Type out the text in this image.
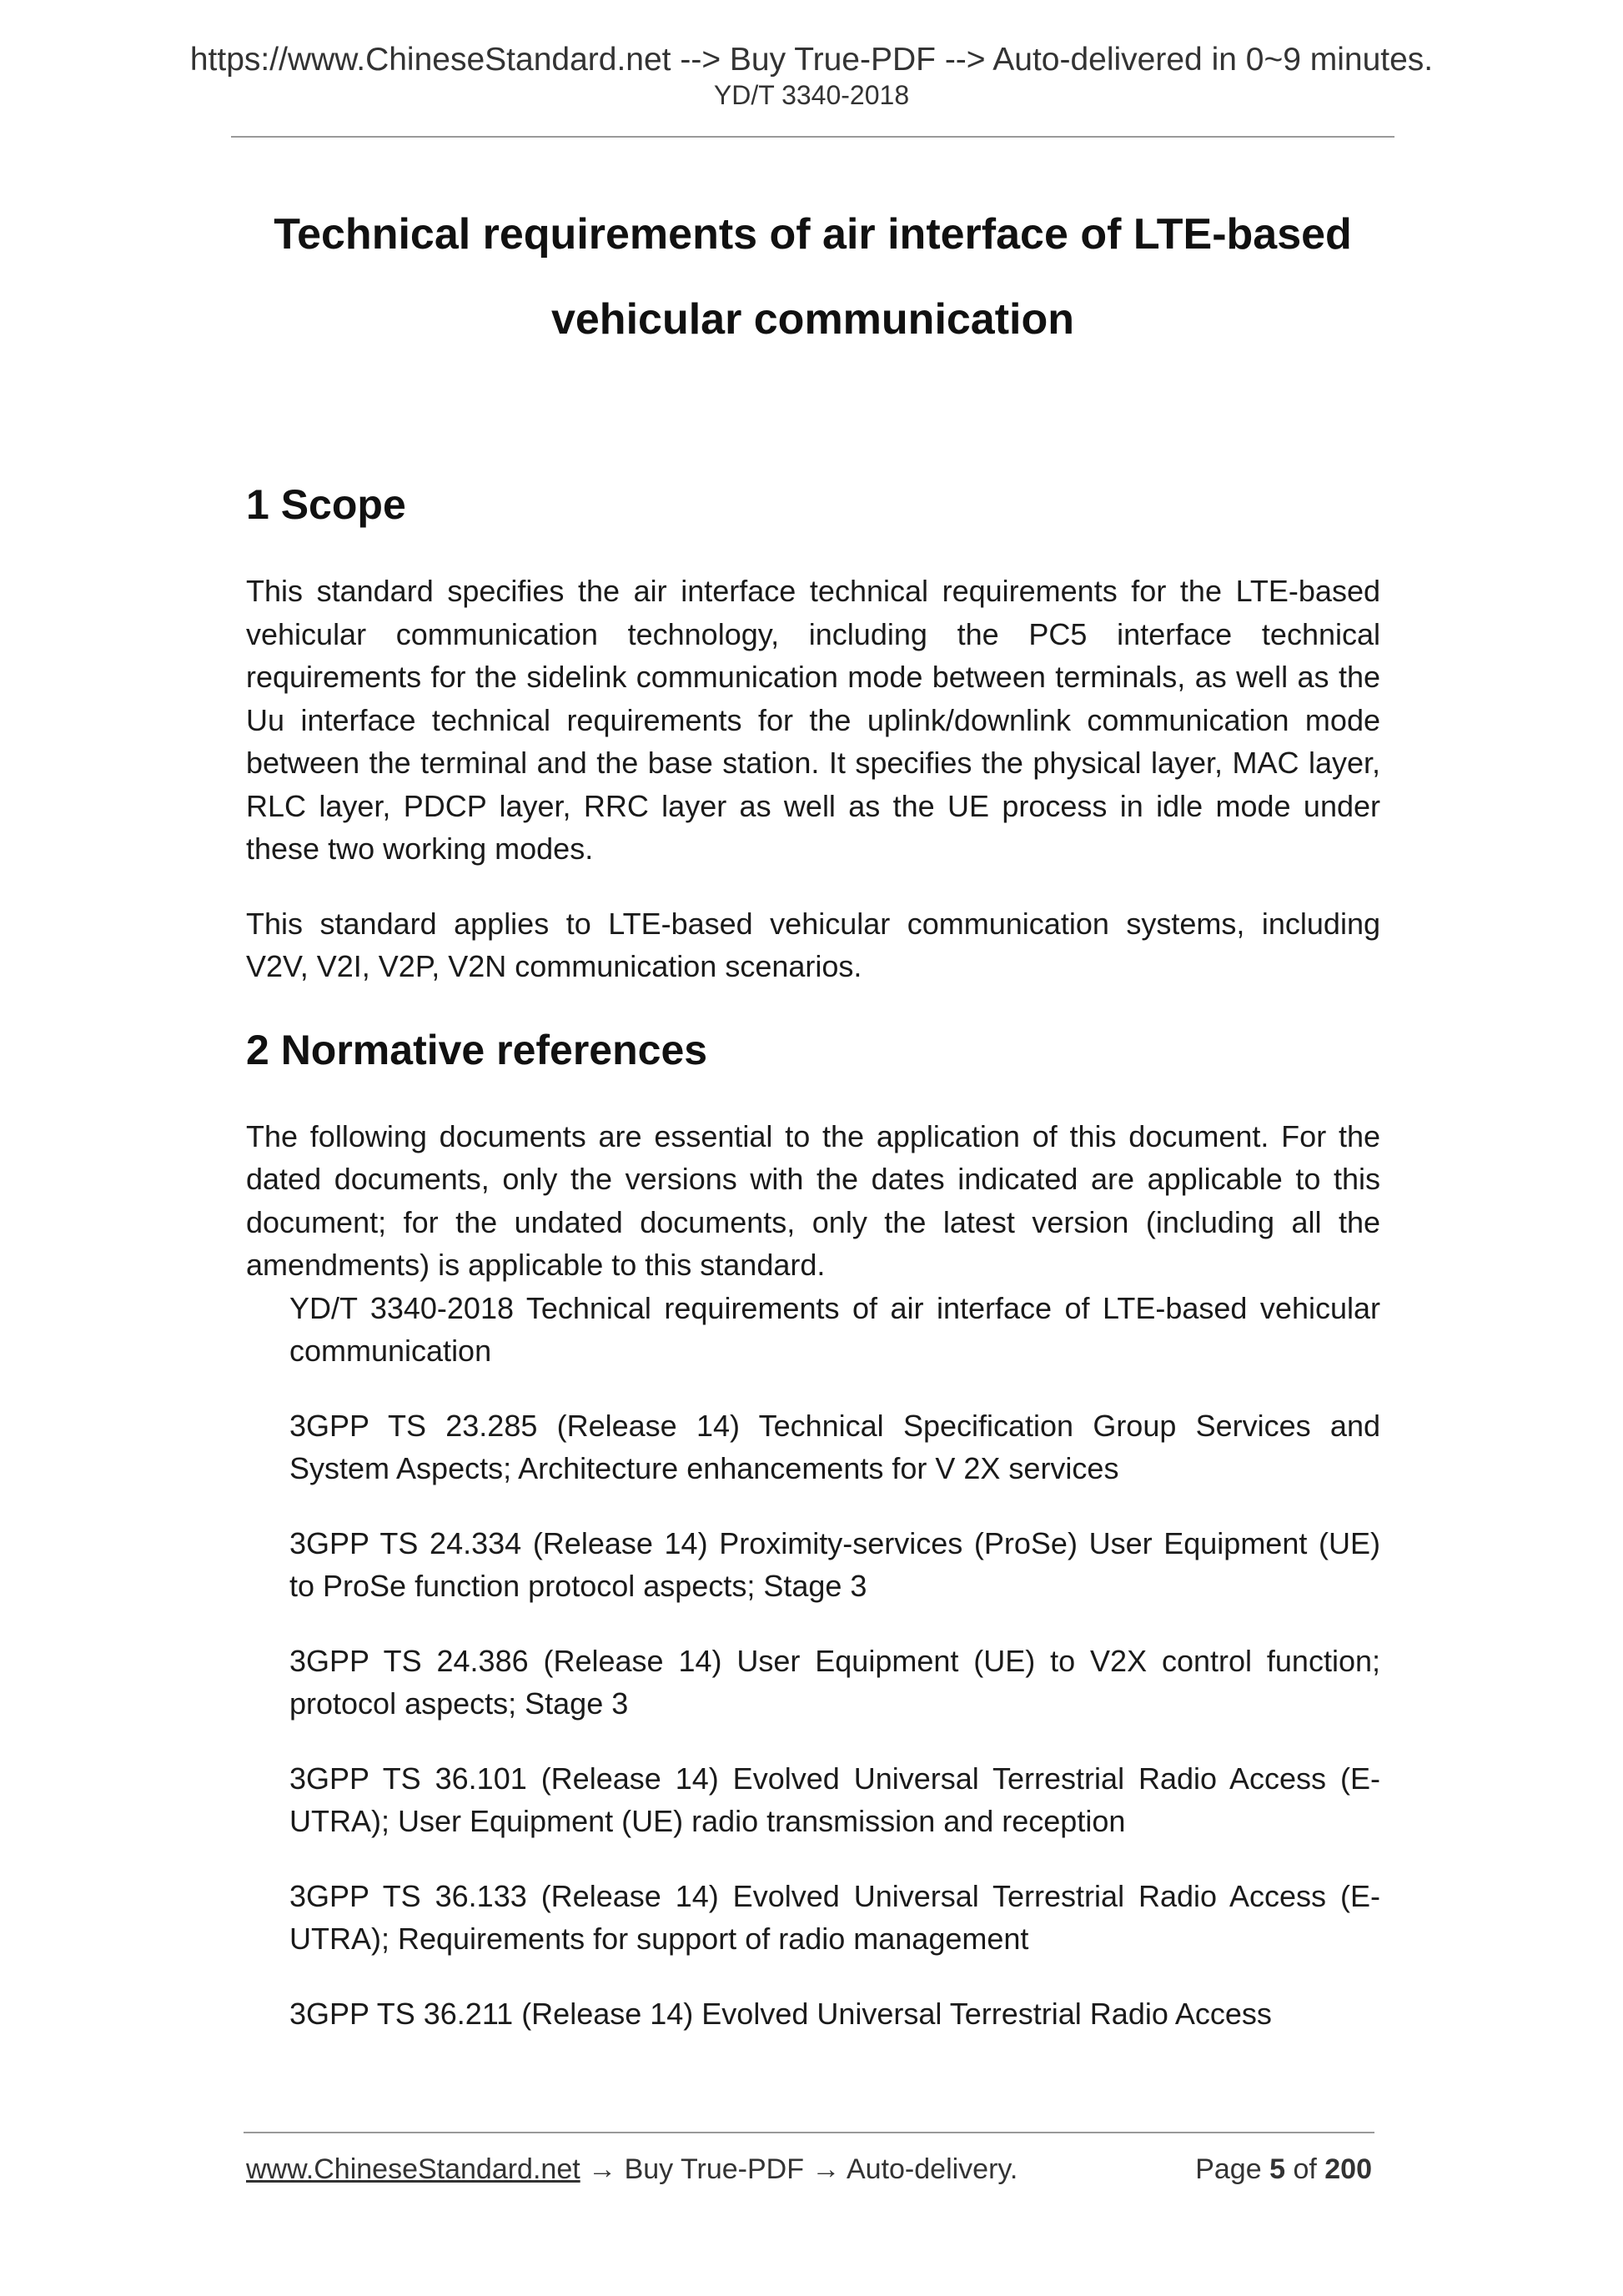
https://www.ChineseStandard.net --> Buy True-PDF --> Auto-delivered in 0~9 minutes.
YD/T 3340-2018
Technical requirements of air interface of LTE-based
vehicular communication
1 Scope

This standard specifies the air interface technical requirements for the LTE-based vehicular communication technology, including the PC5 interface technical requirements for the sidelink communication mode between terminals, as well as the Uu interface technical requirements for the uplink/downlink communication mode between the terminal and the base station. It specifies the physical layer, MAC layer, RLC layer, PDCP layer, RRC layer as well as the UE process in idle mode under these two working modes.

This standard applies to LTE-based vehicular communication systems, including V2V, V2I, V2P, V2N communication scenarios.

2 Normative references

The following documents are essential to the application of this document. For the dated documents, only the versions with the dates indicated are applicable to this document; for the undated documents, only the latest version (including all the amendments) is applicable to this standard.

YD/T 3340-2018 Technical requirements of air interface of LTE-based vehicular communication
3GPP TS 23.285 (Release 14) Technical Specification Group Services and System Aspects; Architecture enhancements for V 2X services
3GPP TS 24.334 (Release 14) Proximity-services (ProSe) User Equipment (UE) to ProSe function protocol aspects; Stage 3
3GPP TS 24.386 (Release 14) User Equipment (UE) to V2X control function; protocol aspects; Stage 3
3GPP TS 36.101 (Release 14) Evolved Universal Terrestrial Radio Access (E-UTRA); User Equipment (UE) radio transmission and reception
3GPP TS 36.133 (Release 14) Evolved Universal Terrestrial Radio Access (E-UTRA); Requirements for support of radio management
3GPP TS 36.211 (Release 14) Evolved Universal Terrestrial Radio Access
www.ChineseStandard.net → Buy True-PDF → Auto-delivery.	Page 5 of 200
